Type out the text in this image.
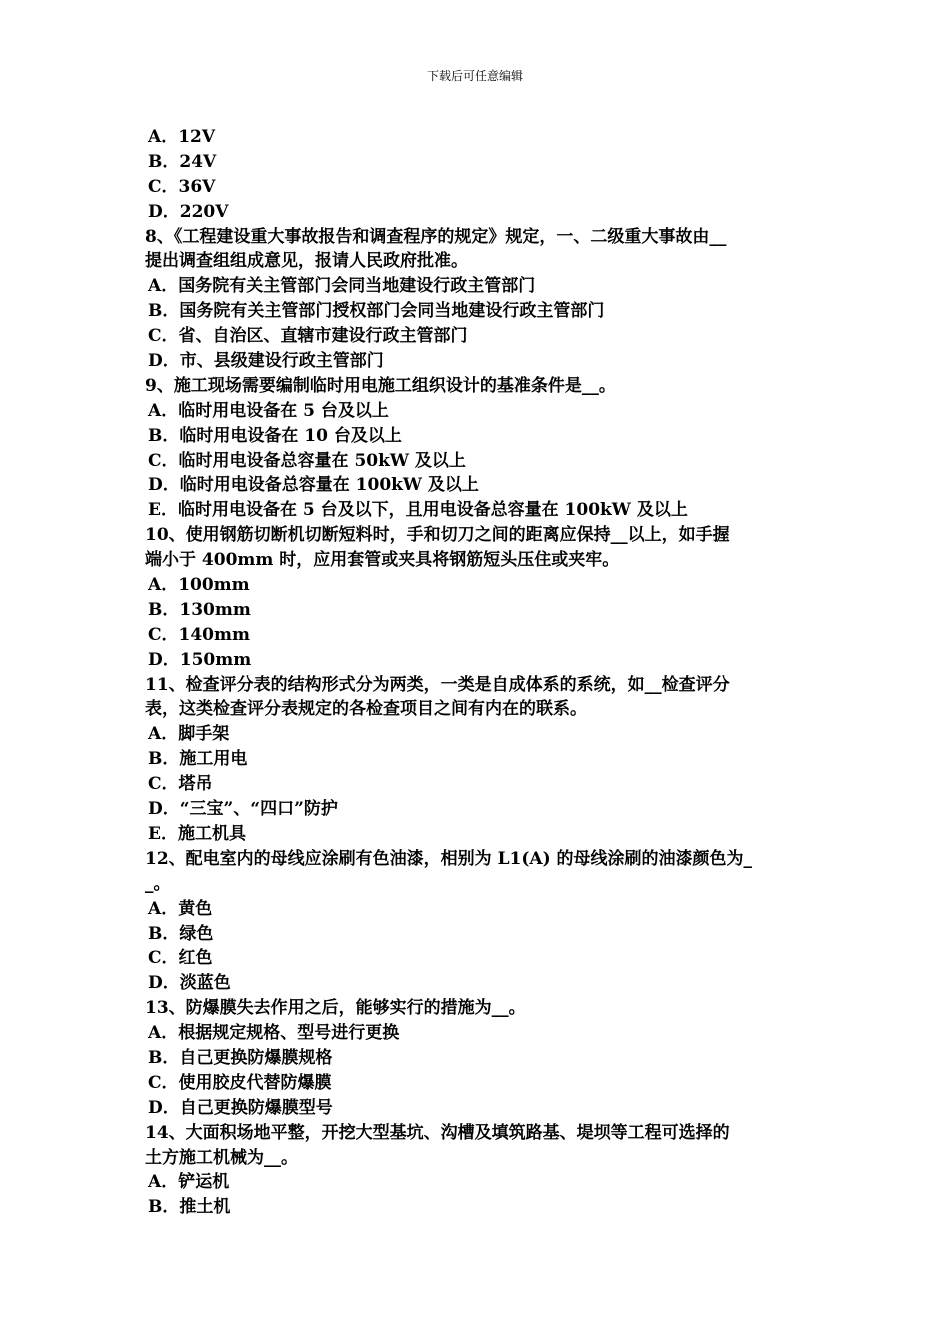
下载后可任意编辑
A．12V
B．24V
C．36V
D．220V
8、《工程建设重大事故报告和调查程序的规定》规定，一、二级重大事故由__
提出调查组组成意见，报请人民政府批准。
A．国务院有关主管部门会同当地建设行政主管部门
B．国务院有关主管部门授权部门会同当地建设行政主管部门
C．省、自治区、直辖市建设行政主管部门
D．市、县级建设行政主管部门
9、施工现场需要编制临时用电施工组织设计的基准条件是__。
A．临时用电设备在 5 台及以上
B．临时用电设备在 10 台及以上
C．临时用电设备总容量在 50kW 及以上
D．临时用电设备总容量在 100kW 及以上
E．临时用电设备在 5 台及以下，且用电设备总容量在 100kW 及以上
10、使用钢筋切断机切断短料时，手和切刀之间的距离应保持__以上，如手握
端小于 400mm 时，应用套管或夹具将钢筋短头压住或夹牢。
A．100mm
B．130mm
C．140mm
D．150mm
11、检查评分表的结构形式分为两类，一类是自成体系的系统，如__检查评分
表，这类检查评分表规定的各检查项目之间有内在的联系。
A．脚手架
B．施工用电
C．塔吊
D．“三宝”、“四口”防护
E．施工机具
12、配电室内的母线应涂刷有色油漆，相别为 L1(A) 的母线涂刷的油漆颜色为_
_。
A．黄色
B．绿色
C．红色
D．淡蓝色
13、防爆膜失去作用之后，能够实行的措施为__。
A．根据规定规格、型号进行更换
B．自己更换防爆膜规格
C．使用胶皮代替防爆膜
D．自己更换防爆膜型号
14、大面积场地平整，开挖大型基坑、沟槽及填筑路基、堤坝等工程可选择的
土方施工机械为__。
A．铲运机
B．推土机
